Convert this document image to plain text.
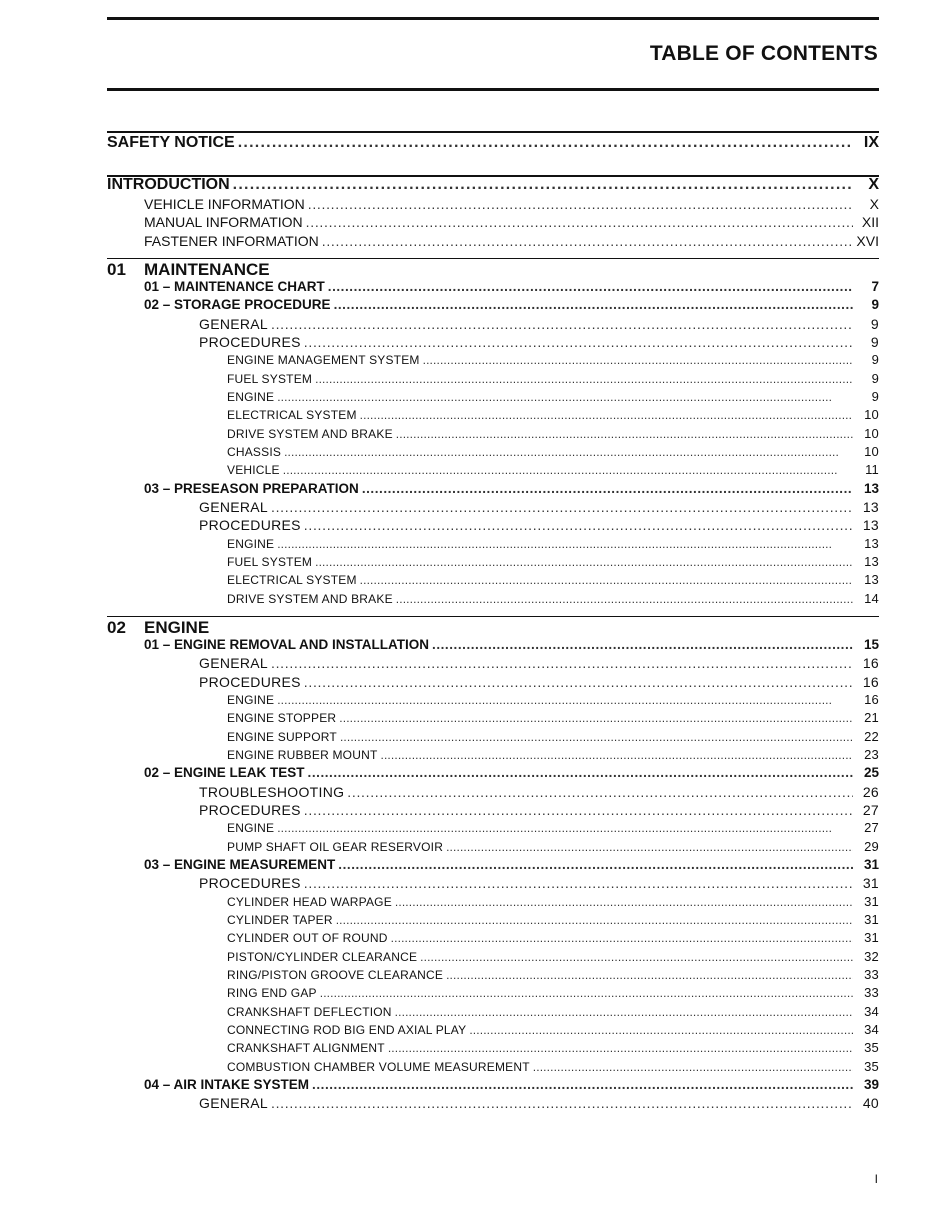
TABLE OF CONTENTS
SAFETY NOTICE . . .	IX
INTRODUCTION . . .	X
VEHICLE INFORMATION . . .	X
MANUAL INFORMATION . . .	XII
FASTENER INFORMATION . . .	XVI
01	MAINTENANCE
01 – MAINTENANCE CHART . . .	7
02 – STORAGE PROCEDURE . . .	9
GENERAL . . .	9
PROCEDURES . . .	9
ENGINE MANAGEMENT SYSTEM . . .	9
FUEL SYSTEM . . .	9
ENGINE . . .	9
ELECTRICAL SYSTEM . . .	10
DRIVE SYSTEM AND BRAKE . . .	10
CHASSIS . . .	10
VEHICLE . . .	11
03 – PRESEASON PREPARATION . . .	13
GENERAL . . .	13
PROCEDURES . . .	13
ENGINE . . .	13
FUEL SYSTEM . . .	13
ELECTRICAL SYSTEM . . .	13
DRIVE SYSTEM AND BRAKE . . .	14
02	ENGINE
01 – ENGINE REMOVAL AND INSTALLATION . . .	15
GENERAL . . .	16
PROCEDURES . . .	16
ENGINE . . .	16
ENGINE STOPPER . . .	21
ENGINE SUPPORT . . .	22
ENGINE RUBBER MOUNT . . .	23
02 – ENGINE LEAK TEST . . .	25
TROUBLESHOOTING . . .	26
PROCEDURES . . .	27
ENGINE . . .	27
PUMP SHAFT OIL GEAR RESERVOIR . . .	29
03 – ENGINE MEASUREMENT . . .	31
PROCEDURES . . .	31
CYLINDER HEAD WARPAGE . . .	31
CYLINDER TAPER . . .	31
CYLINDER OUT OF ROUND . . .	31
PISTON/CYLINDER CLEARANCE . . .	32
RING/PISTON GROOVE CLEARANCE . . .	33
RING END GAP . . .	33
CRANKSHAFT DEFLECTION . . .	34
CONNECTING ROD BIG END AXIAL PLAY . . .	34
CRANKSHAFT ALIGNMENT . . .	35
COMBUSTION CHAMBER VOLUME MEASUREMENT . . .	35
04 – AIR INTAKE SYSTEM . . .	39
GENERAL . . .	40
I
